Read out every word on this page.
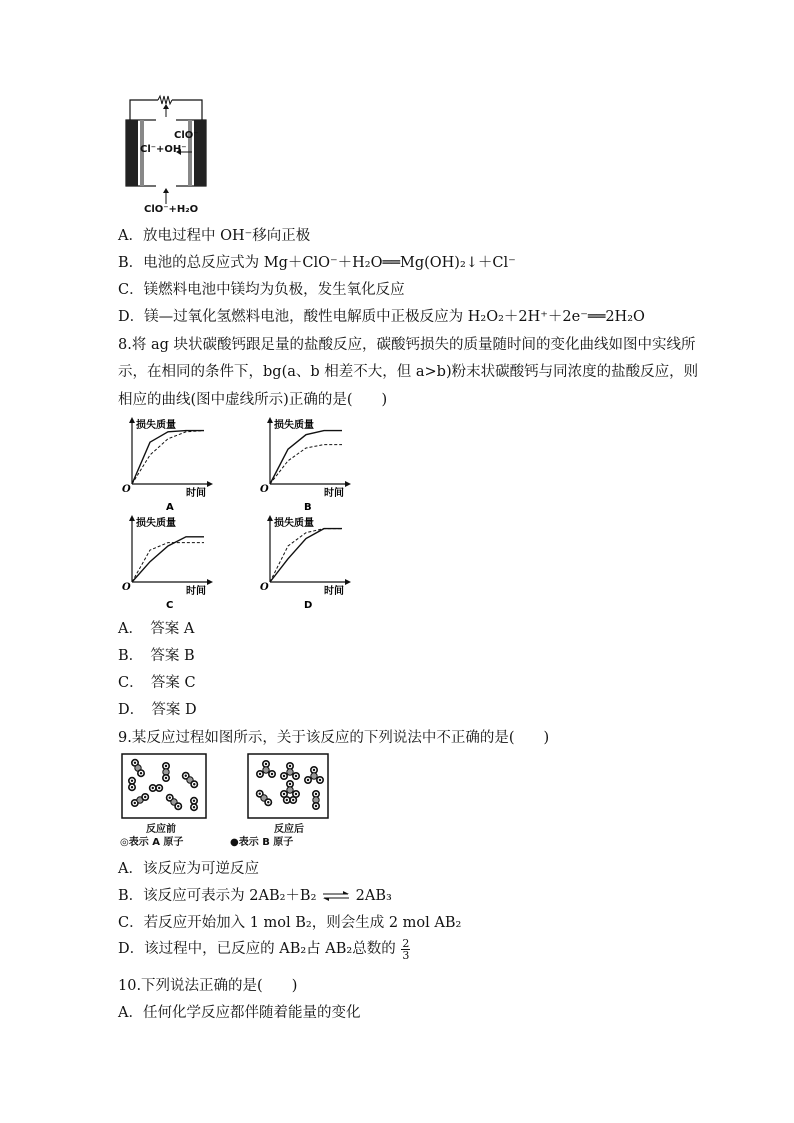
ClO⁻
Cl⁻+OH⁻
ClO⁻+H₂O
A．放电过程中 OH⁻移向正极
B．电池的总反应式为 Mg＋ClO⁻＋H₂O══Mg(OH)₂↓＋Cl⁻
C．镁燃料电池中镁均为负极，发生氧化反应
D．镁—过氧化氢燃料电池，酸性电解质中正极反应为 H₂O₂＋2H⁺＋2e⁻══2H₂O
8.将 ag 块状碳酸钙跟足量的盐酸反应，碳酸钙损失的质量随时间的变化曲线如图中实线所
示，在相同的条件下，bg(a、b 相差不大，但 a>b)粉末状碳酸钙与同浓度的盐酸反应，则
相应的曲线(图中虚线所示)正确的是(　　)
损失质量
时间
O
A
损失质量
时间
O
B
损失质量
时间
O
C
损失质量
时间
O
D
A．　答案 A
B．　答案 B
C．　答案 C
D．　答案 D
9.某反应过程如图所示，关于该反应的下列说法中不正确的是(　　)
反应前	反应后
◎表示 A 原子	●表示 B 原子
A．该反应为可逆反应
B．该反应可表示为 2AB₂＋B₂ ⇌ 2AB₃
C．若反应开始加入 1 mol B₂，则会生成 2 mol AB₂
D．该过程中，已反应的 AB₂占 AB₂总数的 $\frac{2}{3}$
10.下列说法正确的是(　　)
A．任何化学反应都伴随着能量的变化
